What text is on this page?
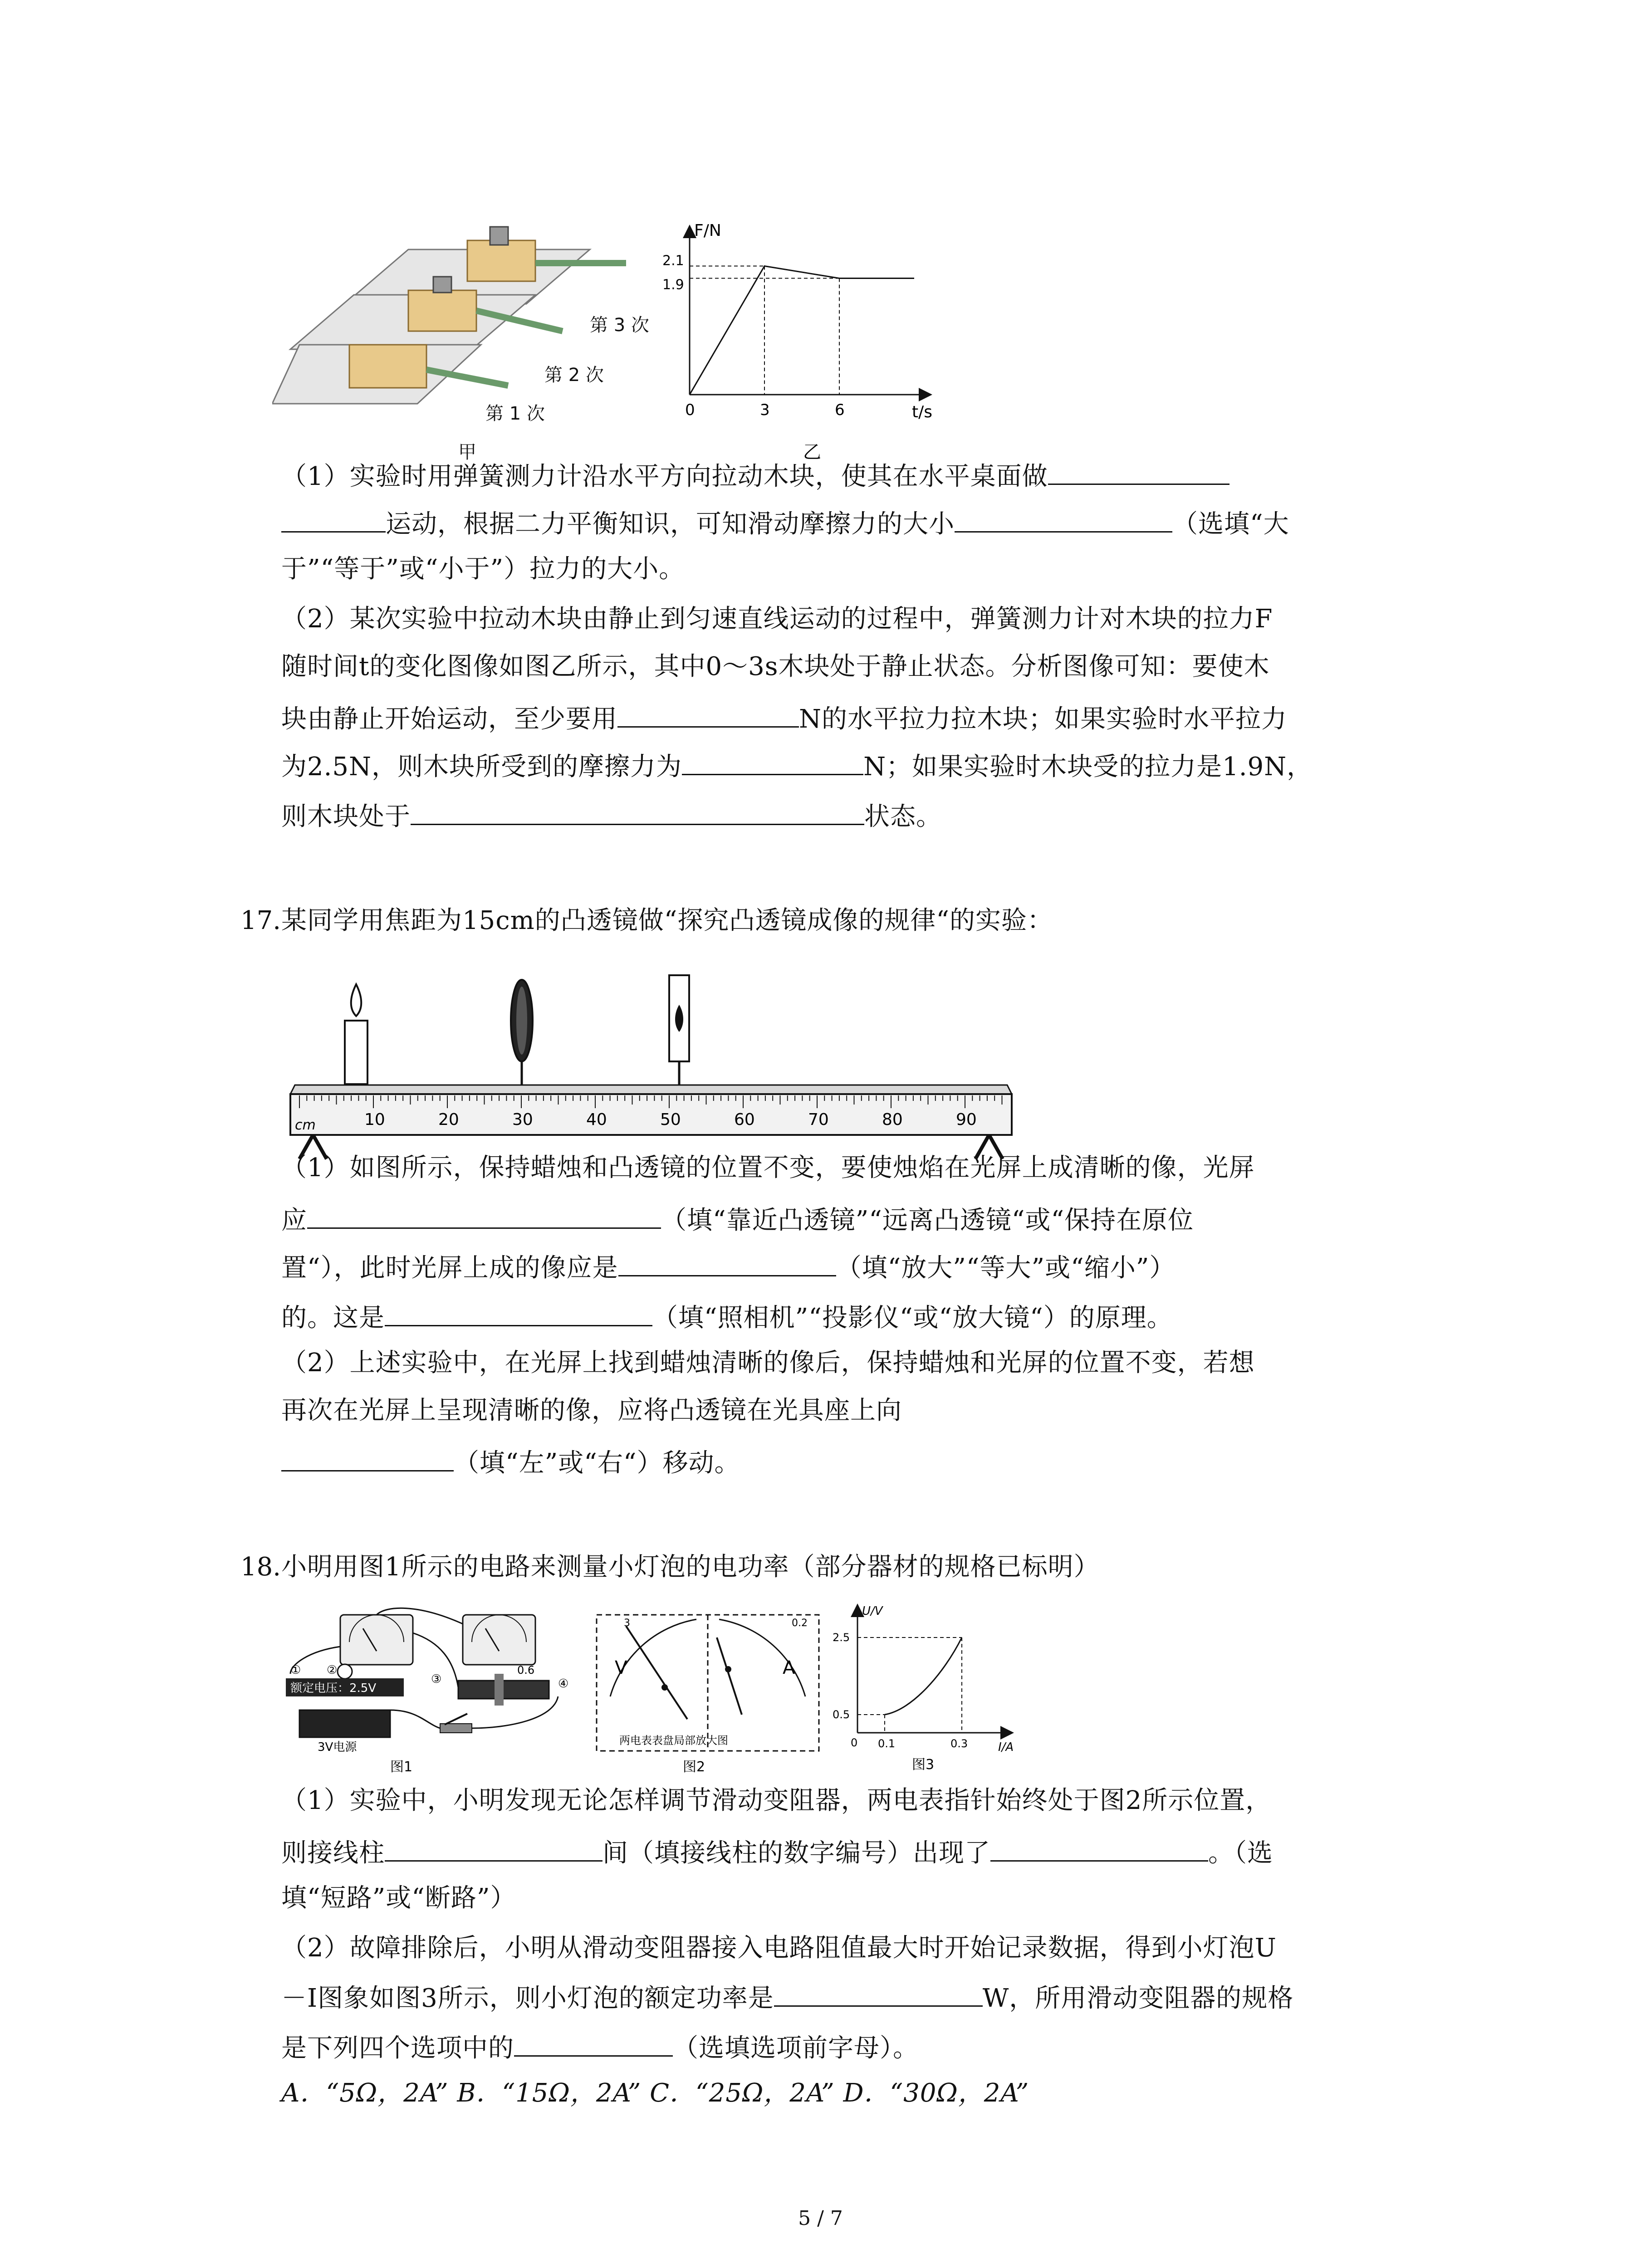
第 3 次
第 2 次
第 1 次
甲
F/N
t/s
0	3	6
2.1
1.9
乙
（1）实验时用弹簧测力计沿水平方向拉动木块，使其在水平桌面做
运动，根据二力平衡知识，可知滑动摩擦力的大小	（选填“大
于”“等于”或“小于”）拉力的大小。
（2）某次实验中拉动木块由静止到匀速直线运动的过程中，弹簧测力计对木块的拉力F
随时间t的变化图像如图乙所示，其中0～3s木块处于静止状态。分析图像可知：要使木
块由静止开始运动，至少要用	N的水平拉力拉木块；如果实验时水平拉力
为2.5N，则木块所受到的摩擦力为	N；如果实验时木块受的拉力是1.9N，
则木块处于	状态。
17. 某同学用焦距为15cm的凸透镜做“探究凸透镜成像的规律“的实验：
10	20	30	40	50	60	70	80	90
cm
（1）如图所示，保持蜡烛和凸透镜的位置不变，要使烛焰在光屏上成清晰的像，光屏
应	（填“靠近凸透镜”“远离凸透镜“或“保持在原位
置“），此时光屏上成的像应是	（填“放大”“等大”或“缩小”）
的。这是	（填“照相机”“投影仪“或“放大镜“）的原理。
（2）上述实验中，在光屏上找到蜡烛清晰的像后，保持蜡烛和光屏的位置不变，若想
再次在光屏上呈现清晰的像，应将凸透镜在光具座上向
（填“左”或“右“）移动。
18. 小明用图1所示的电路来测量小灯泡的电功率（部分器材的规格已标明）
0.6
① ②
③	④
额定电压：2.5V
3V电源
图1
V
3
A
0.2
两电表表盘局部放大图
图2
U/V
I/A
0
2.5
0.5
0.1	0.3
图3
（1）实验中，小明发现无论怎样调节滑动变阻器，两电表指针始终处于图2所示位置，
则接线柱	间（填接线柱的数字编号）出现了	。（选
填“短路”或“断路”）
（2）故障排除后，小明从滑动变阻器接入电路阻值最大时开始记录数据，得到小灯泡U
－I图象如图3所示，则小灯泡的额定功率是	W，所用滑动变阻器的规格
是下列四个选项中的	（选填选项前字母）。
A．“5Ω，2A” B．“15Ω，2A” C．“25Ω，2A” D．“30Ω，2A”
5 / 7
